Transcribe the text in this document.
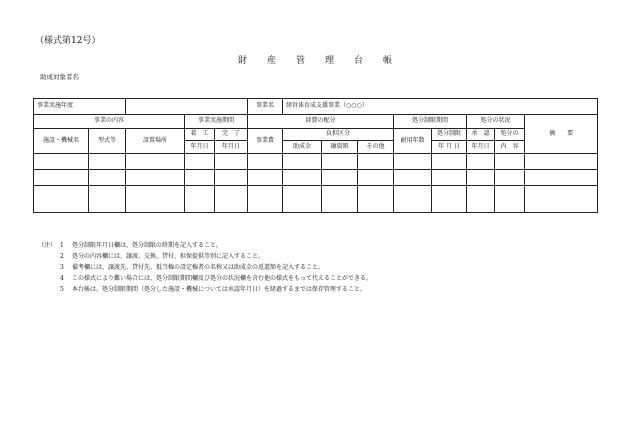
（様式第12号）
財産管理台帳
助成対象者名
事業実施年度					事業名	経営体育成支援事業（○○○）							
事業の内容			事業実施期間		経費の配分				処分制限期間		処分の状況		摘　　要
施設・機械名	型式等	設置場所	着　工	完　了	事業費	負担区分			耐用年数	処分制限	承　認	処分の	
			年月日	年月日		助成金	融資額	その他		年 月 日	年月日	内　容	

（注） 1	処分制限年月日欄は、処分制限の終期を記入すること。
2	処分の内容欄には、譲渡、交換、貸付、担保提供等別に記入すること。
3	備考欄には、譲渡先、貸付先、抵当権の設定権者の名称又は助成金の返還額を記入すること。
4	この様式により難い場合には、処分制限期間欄及び処分の状況欄を含む他の様式をもって代えることができる。
5	本台帳は、処分制限期間（処分した施設・機械については承認年月日）を経過するまでは保存管理すること。
